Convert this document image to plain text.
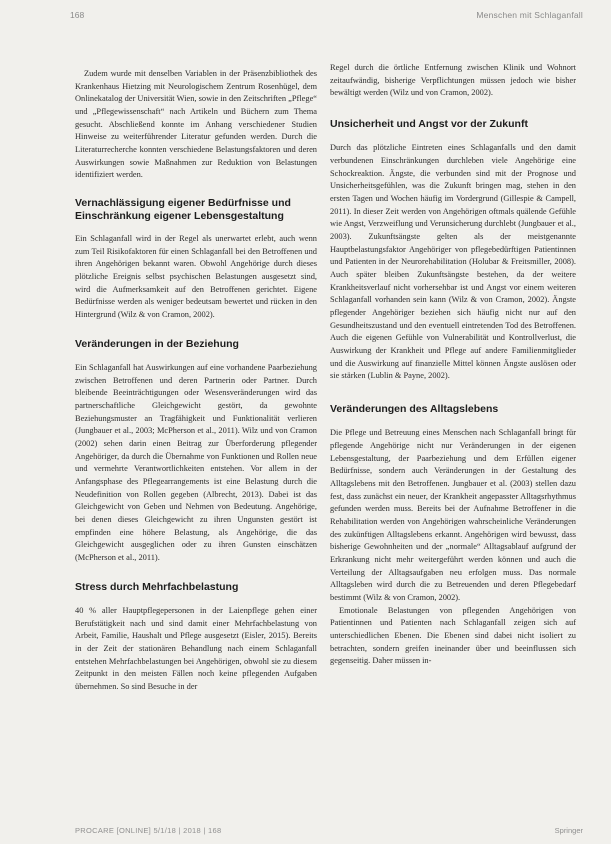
168	Menschen mit Schlaganfall

Zudem wurde mit denselben Variablen in der Präsenzbibliothek des Krankenhaus Hietzing mit Neurologischem Zentrum Rosenhügel, dem Onlinekatalog der Universität Wien, sowie in den Zeitschriften „Pflege“ und „Pflegewissenschaft“ nach Artikeln und Büchern zum Thema gesucht. Abschließend konnte im Anhang verschiedener Studien Hinweise zu weiterführender Literatur gefunden werden. Durch die Literaturrecherche konnten verschiedene Belastungsfaktoren und deren Auswirkungen sowie Maßnahmen zur Reduktion von Belastungen identifiziert werden.

Vernachlässigung eigener Bedürfnisse und Einschränkung eigener Lebensgestaltung

Ein Schlaganfall wird in der Regel als unerwartet erlebt, auch wenn zum Teil Risikofaktoren für einen Schlaganfall bei den Betroffenen und ihren Angehörigen bekannt waren. Obwohl Angehörige durch dieses plötzliche Ereignis selbst psychischen Belastungen ausgesetzt sind, wird die Aufmerksamkeit auf den Betroffenen gerichtet. Eigene Bedürfnisse werden als weniger bedeutsam bewertet und rücken in den Hintergrund (Wilz & von Cramon, 2002).

Veränderungen in der Beziehung

Ein Schlaganfall hat Auswirkungen auf eine vorhandene Paarbeziehung zwischen Betroffenen und deren Partnerin oder Partner. Durch bleibende Beeinträchtigungen oder Wesensveränderungen wird das partnerschaftliche Gleichgewicht gestört, da gewohnte Beziehungsmuster an Tragfähigkeit und Funktionalität verlieren (Jungbauer et al., 2003; McPherson et al., 2011). Wilz und von Cramon (2002) sehen darin einen Beitrag zur Überforderung pflegender Angehöriger, da durch die Übernahme von Funktionen und Rollen neue und vermehrte Verantwortlichkeiten entstehen. Vor allem in der Anfangsphase des Pflegearrangements ist eine Belastung durch die Neudefinition von Rollen gegeben (Albrecht, 2013). Dabei ist das Gleichgewicht von Geben und Nehmen von Bedeutung. Angehörige, bei denen dieses Gleichgewicht zu ihren Ungunsten gestört ist empfinden eine höhere Belastung, als Angehörige, die das Gleichgewicht ausgeglichen oder zu ihren Gunsten einschätzen (McPherson et al., 2011).

Stress durch Mehrfachbelastung

40 % aller Hauptpflegepersonen in der Laienpflege gehen einer Berufstätigkeit nach und sind damit einer Mehrfachbelastung von Arbeit, Familie, Haushalt und Pflege ausgesetzt (Eisler, 2015). Bereits in der Zeit der stationären Behandlung nach einem Schlaganfall entstehen Mehrfachbelastungen bei Angehörigen, obwohl sie zu diesem Zeitpunkt in den meisten Fällen noch keine pflegenden Aufgaben übernehmen. So sind Besuche in der

Regel durch die örtliche Entfernung zwischen Klinik und Wohnort zeitaufwändig, bisherige Verpflichtungen müssen jedoch wie bisher bewältigt werden (Wilz und von Cramon, 2002).

Unsicherheit und Angst vor der Zukunft

Durch das plötzliche Eintreten eines Schlaganfalls und den damit verbundenen Einschränkungen durchleben viele Angehörige eine Schockreaktion. Ängste, die verbunden sind mit der Prognose und Unsicherheitsgefühlen, was die Zukunft bringen mag, stehen in den ersten Tagen und Wochen häufig im Vordergrund (Gillespie & Campell, 2011). In dieser Zeit werden von Angehörigen oftmals quälende Gefühle wie Angst, Verzweiflung und Verunsicherung durchlebt (Jungbauer et al., 2003). Zukunftsängste gelten als der meistgenannte Hauptbelastungsfaktor Angehöriger von pflegebedürftigen Patientinnen und Patienten in der Neurorehabilitation (Holubar & Freitsmiller, 2008). Auch später bleiben Zukunftsängste bestehen, da der weitere Krankheitsverlauf nicht vorhersehbar ist und Angst vor einem weiteren Schlaganfall vorhanden sein kann (Wilz & von Cramon, 2002). Ängste pflegender Angehöriger beziehen sich häufig nicht nur auf den Gesundheitszustand und den eventuell eintretenden Tod des Betroffenen. Auch die eigenen Gefühle von Vulnerabilität und Kontrollverlust, die Auswirkung der Krankheit und Pflege auf andere Familienmitglieder und die Auswirkung auf finanzielle Mittel können Ängste auslösen oder sie stärken (Lublin & Payne, 2002).

Veränderungen des Alltagslebens

Die Pflege und Betreuung eines Menschen nach Schlaganfall bringt für pflegende Angehörige nicht nur Veränderungen in der eigenen Lebensgestaltung, der Paarbeziehung und dem Erfüllen eigener Bedürfnisse, sondern auch Veränderungen in der Gestaltung des Alltagslebens mit den Betroffenen. Jungbauer et al. (2003) stellen dazu fest, dass zunächst ein neuer, der Krankheit angepasster Alltagsrhythmus gefunden werden muss. Bereits bei der Aufnahme Betroffener in die Rehabilitation werden von Angehörigen wahrscheinliche Veränderungen des zukünftigen Alltagslebens erkannt. Angehörigen wird bewusst, dass bisherige Gewohnheiten und der „normale“ Alltagsablauf aufgrund der Erkrankung nicht mehr weitergeführt werden können und auch die Verteilung der Alltagsaufgaben neu erfolgen muss. Das normale Alltagsleben wird durch die zu Betreuenden und deren Pflegebedarf bestimmt (Wilz & von Cramon, 2002).

Emotionale Belastungen von pflegenden Angehörigen von Patientinnen und Patienten nach Schlaganfall zeigen sich auf unterschiedlichen Ebenen. Die Ebenen sind dabei nicht isoliert zu betrachten, sondern greifen ineinander über und beeinflussen sich gegenseitig. Daher müssen in-

PROCARE [ONLINE] 5/1/18 | 2018 | 168	Springer
